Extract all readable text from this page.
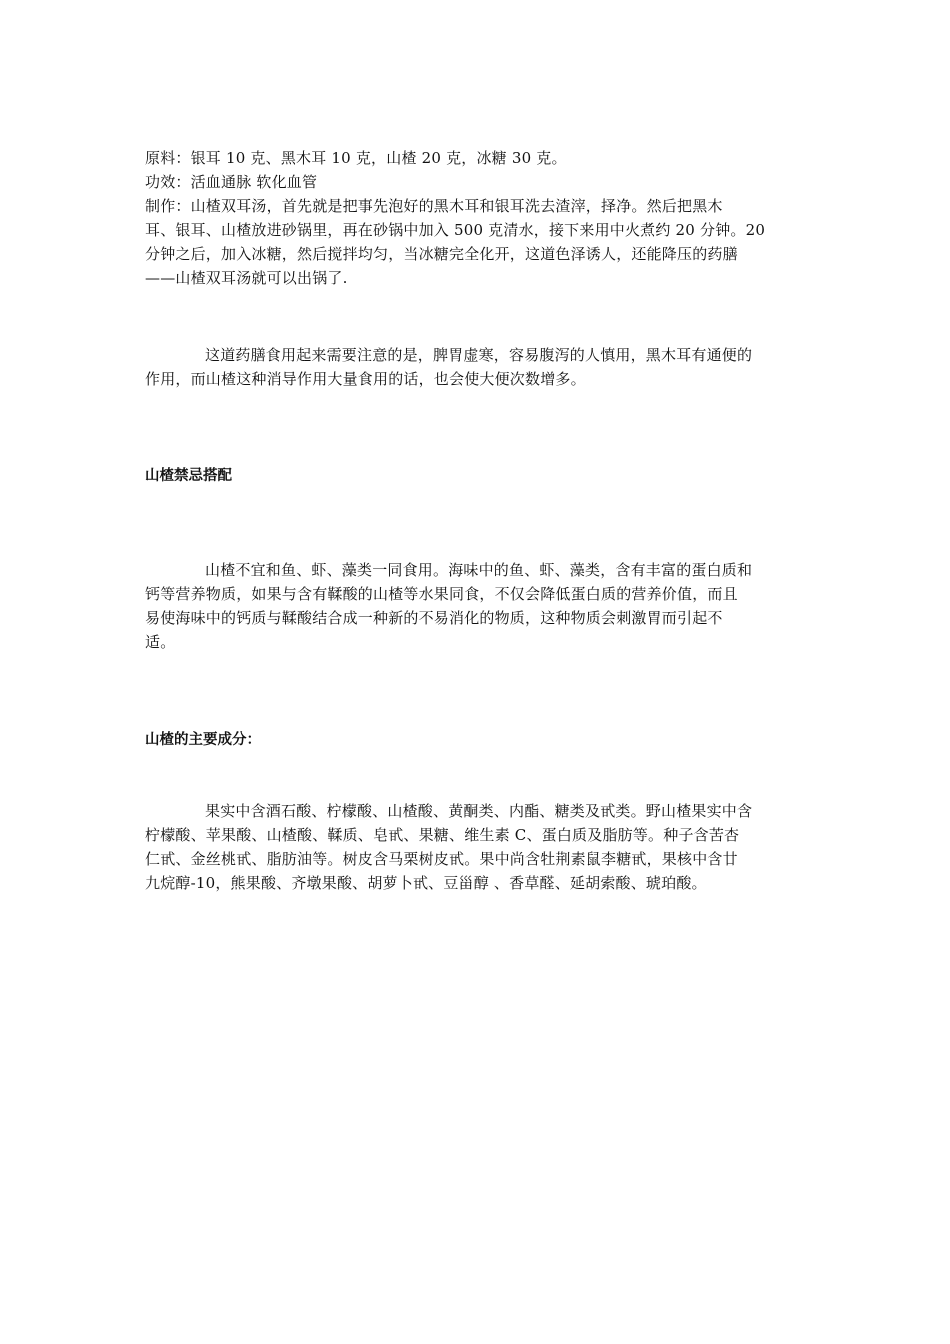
原料：银耳 10 克、黑木耳 10 克，山楂 20 克，冰糖 30 克。
功效：活血通脉 软化血管
制作：山楂双耳汤，首先就是把事先泡好的黑木耳和银耳洗去渣滓，择净。然后把黑木
耳、银耳、山楂放进砂锅里，再在砂锅中加入 500 克清水，接下来用中火煮约 20 分钟。20
分钟之后，加入冰糖，然后搅拌均匀，当冰糖完全化开，这道色泽诱人，还能降压的药膳
——山楂双耳汤就可以出锅了.
这道药膳食用起来需要注意的是，脾胃虚寒，容易腹泻的人慎用，黑木耳有通便的
作用，而山楂这种消导作用大量食用的话，也会使大便次数增多。
山楂禁忌搭配
山楂不宜和鱼、虾、藻类一同食用。海味中的鱼、虾、藻类，含有丰富的蛋白质和
钙等营养物质，如果与含有鞣酸的山楂等水果同食，不仅会降低蛋白质的营养价值，而且
易使海味中的钙质与鞣酸结合成一种新的不易消化的物质，这种物质会刺激胃而引起不
适。
山楂的主要成分：
果实中含酒石酸、柠檬酸、山楂酸、黄酮类、内酯、糖类及甙类。野山楂果实中含
柠檬酸、苹果酸、山楂酸、鞣质、皂甙、果糖、维生素 C、蛋白质及脂肪等。种子含苦杏
仁甙、金丝桃甙、脂肪油等。树皮含马栗树皮甙。果中尚含牡荆素鼠李糖甙，果核中含廿
九烷醇-10，熊果酸、齐墩果酸、胡萝卜甙、豆甾醇 、香草醛、延胡索酸、琥珀酸。
